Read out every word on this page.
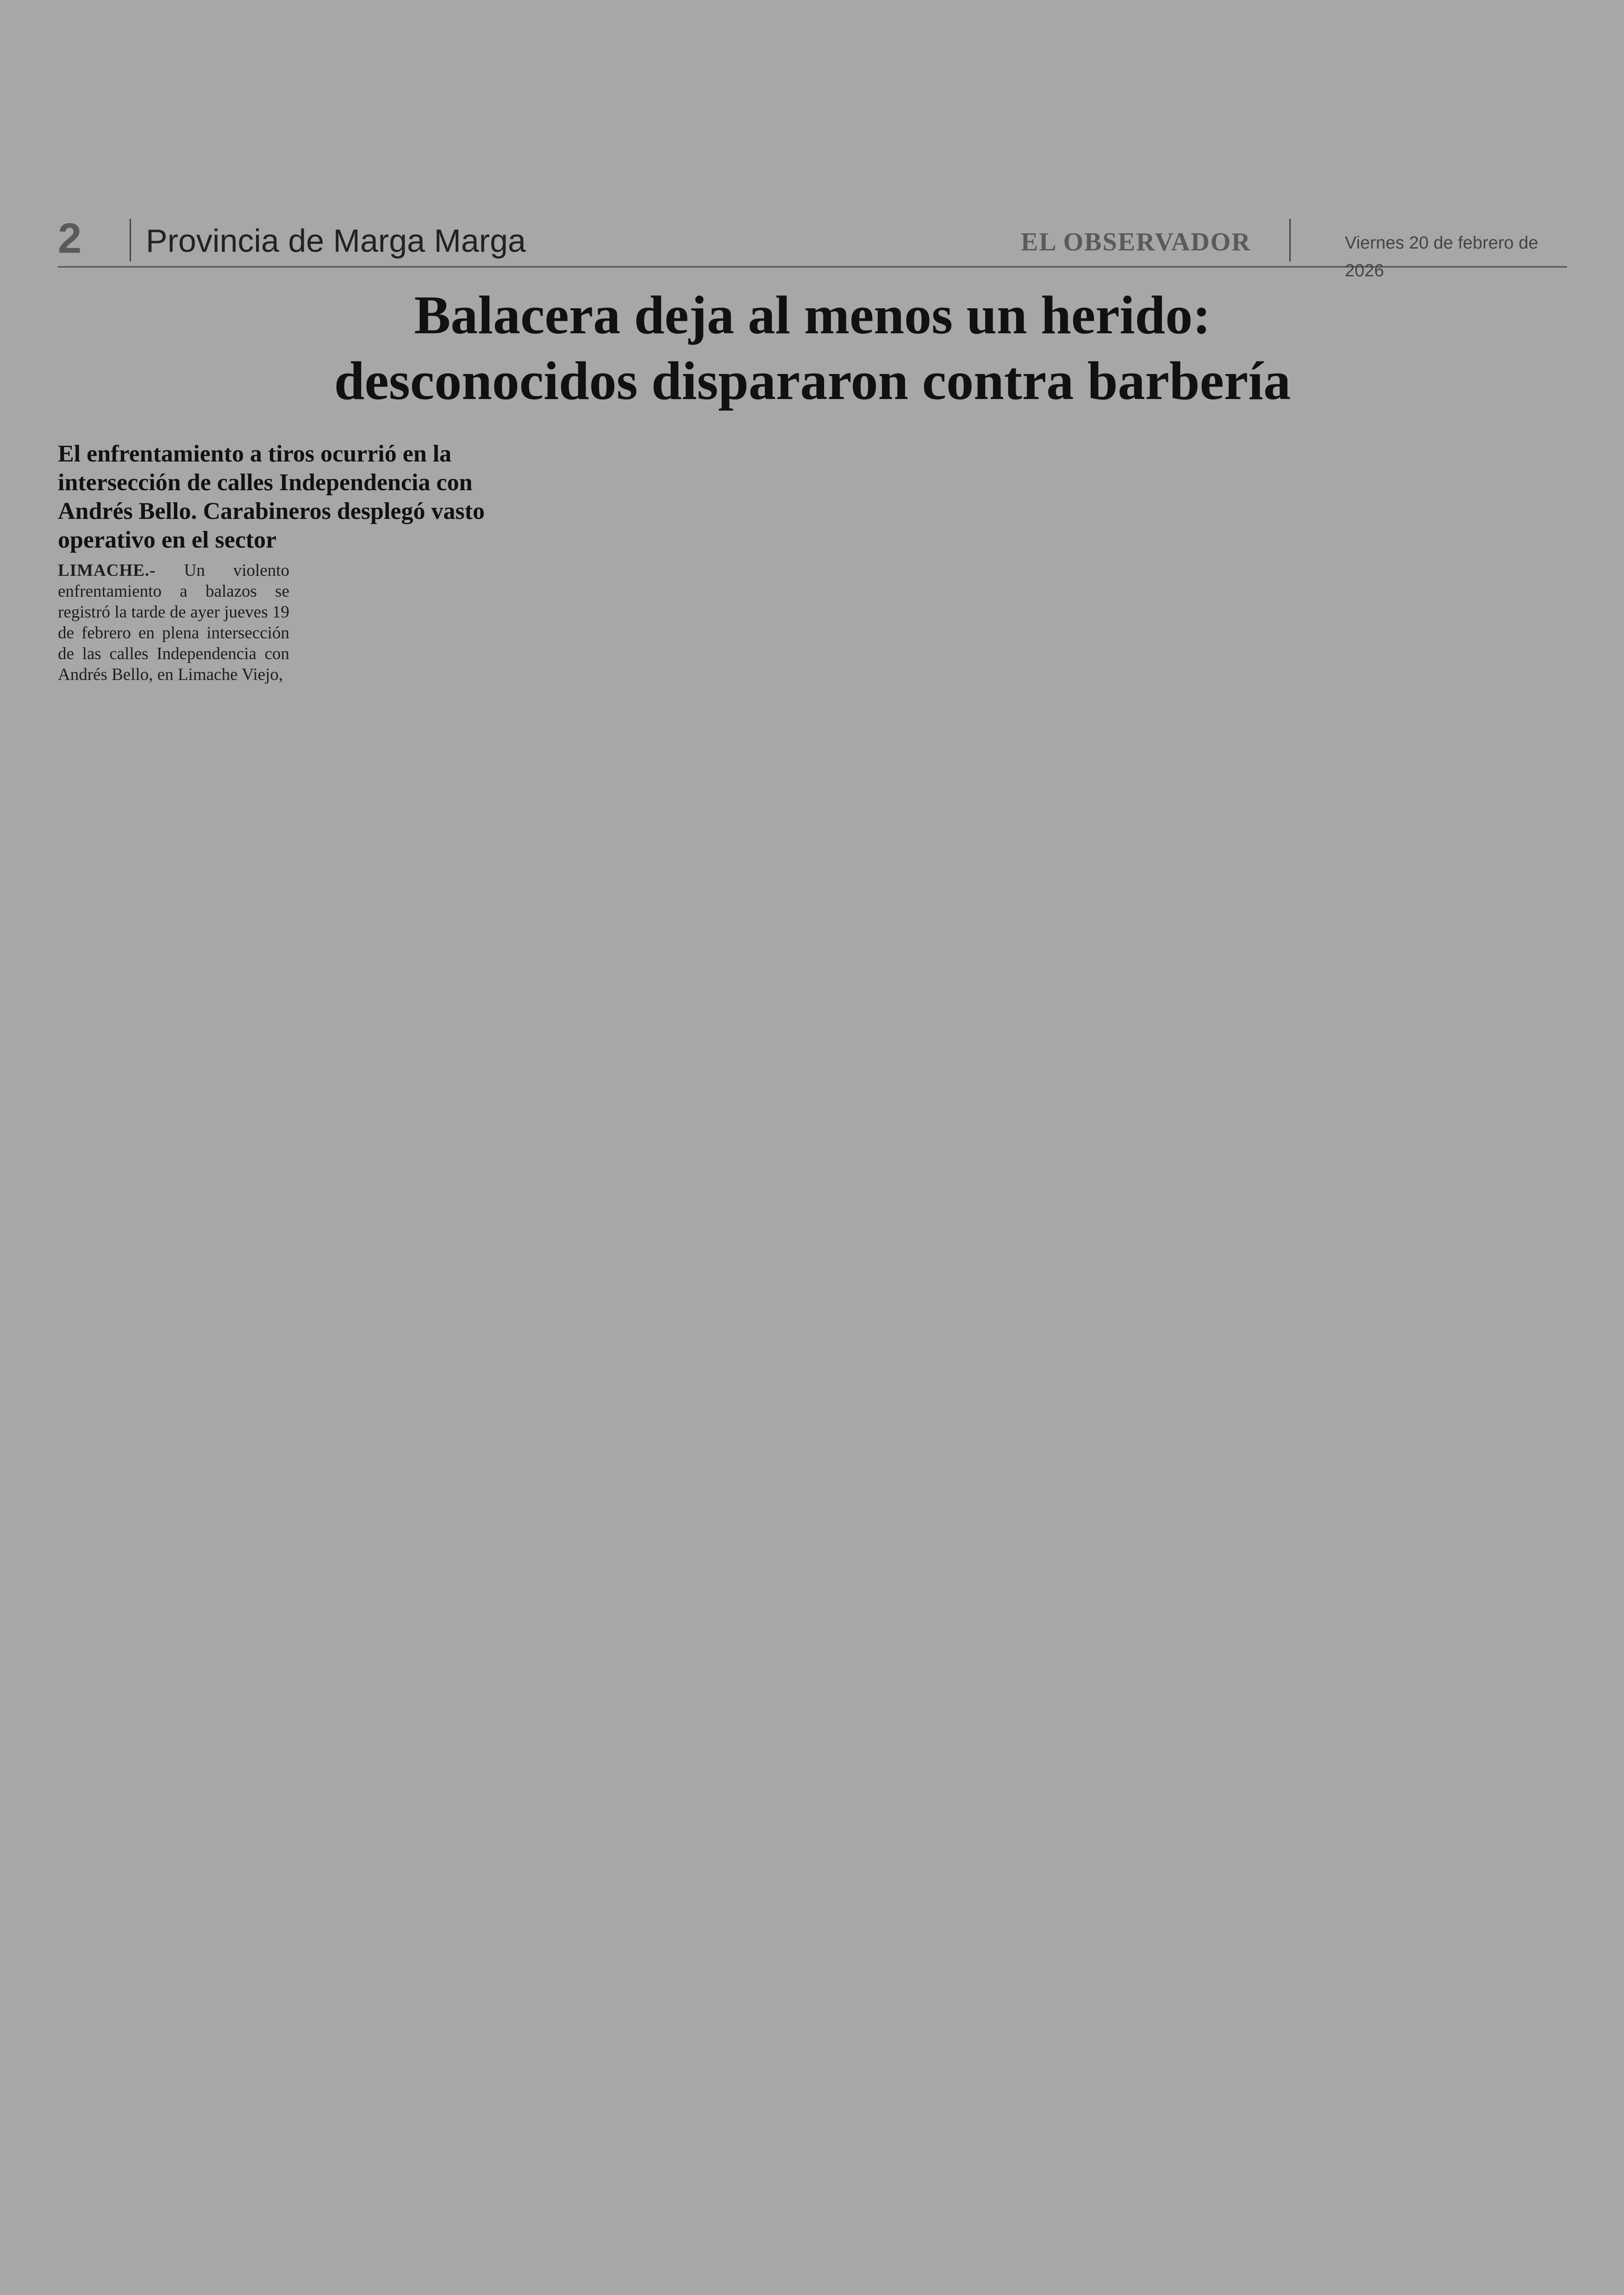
2 Provincia de Marga Marga	EL OBSERVADOR	Viernes 20 de febrero de 2026
Balacera deja al menos un herido:
desconocidos dispararon contra barbería

El enfrentamiento a tiros ocurrió en la intersección de calles Independencia con Andrés Bello. Carabineros desplegó vasto operativo en el sector

LIMACHE.- Un violento enfrentamiento a balazos se registró la tarde de ayer jueves 19 de febrero en plena intersección de las calles Independencia con Andrés Bello, en Limache Viejo,
